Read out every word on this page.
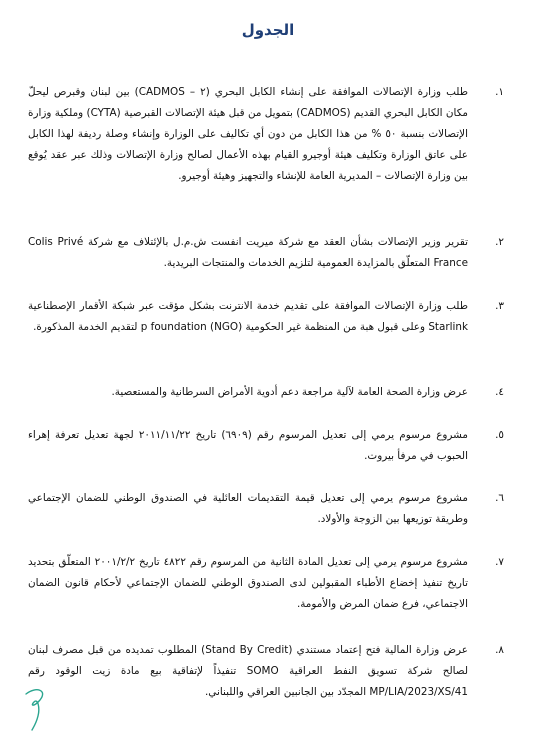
الجدول
١.
طلب وزارة الإتصالات الموافقة على إنشاء الكابل البحري (٢ – CADMOS) بين لبنان وقبرص ليحلّ مكان الكابل البحري القديم (CADMOS) بتمويل من قبل هيئة الإتصالات القبرصية (CYTA) وملكية وزارة الإتصالات بنسبة ٥٠ % من هذا الكابل من دون أي تكاليف على الوزارة وإنشاء وصلة رديفة لهذا الكابل على عاتق الوزارة وتكليف هيئة أوجيرو القيام بهذه الأعمال لصالح وزارة الإتصالات وذلك عبر عقد يُوقع بين وزارة الإتصالات – المديرية العامة للإنشاء والتجهيز وهيئة أوجيرو.
٢.
تقرير وزير الإتصالات بشأن العقد مع شركة ميريت انفست ش.م.ل بالإئتلاف مع شركة Colis Privé France المتعلّق بالمزايدة العمومية لتلزيم الخدمات والمنتجات البريدية.
٣.
طلب وزارة الإتصالات الموافقة على تقديم خدمة الانترنت بشكل مؤقت عبر شبكة الأقمار الإصطناعية Starlink وعلى قبول هبة من المنظمة غير الحكومية p foundation (NGO) لتقديم الخدمة المذكورة.
٤.
عرض وزارة الصحة العامة لآلية مراجعة دعم أدوية الأمراض السرطانية والمستعصية.
٥.
مشروع مرسوم يرمي إلى تعديل المرسوم رقم (٦٩٠٩) تاريخ ٢٠١١/١١/٢٢ لجهة تعديل تعرفة إهراء الحبوب في مرفأ بيروت.
٦.
مشروع مرسوم يرمي إلى تعديل قيمة التقديمات العائلية في الصندوق الوطني للضمان الإجتماعي وطريقة توزيعها بين الزوجة والأولاد.
٧.
مشروع مرسوم يرمي إلى تعديل المادة الثانية من المرسوم رقم ٤٨٢٢ تاريخ ٢٠٠١/٢/٢ المتعلّق بتحديد تاريخ تنفيذ إخضاع الأطباء المقبولين لدى الصندوق الوطني للضمان الإجتماعي لأحكام قانون الضمان الاجتماعي، فرع ضمان المرض والأمومة.
٨.
عرض وزارة المالية فتح إعتماد مستندي (Stand By Credit) المطلوب تمديده من قبل مصرف لبنان لصالح شركة تسويق النفط العراقية SOMO تنفيذاً لإتفاقية بيع مادة زيت الوقود رقم MP/LIA/2023/XS/41 المجدّد بين الجانبين العراقي واللبناني.
